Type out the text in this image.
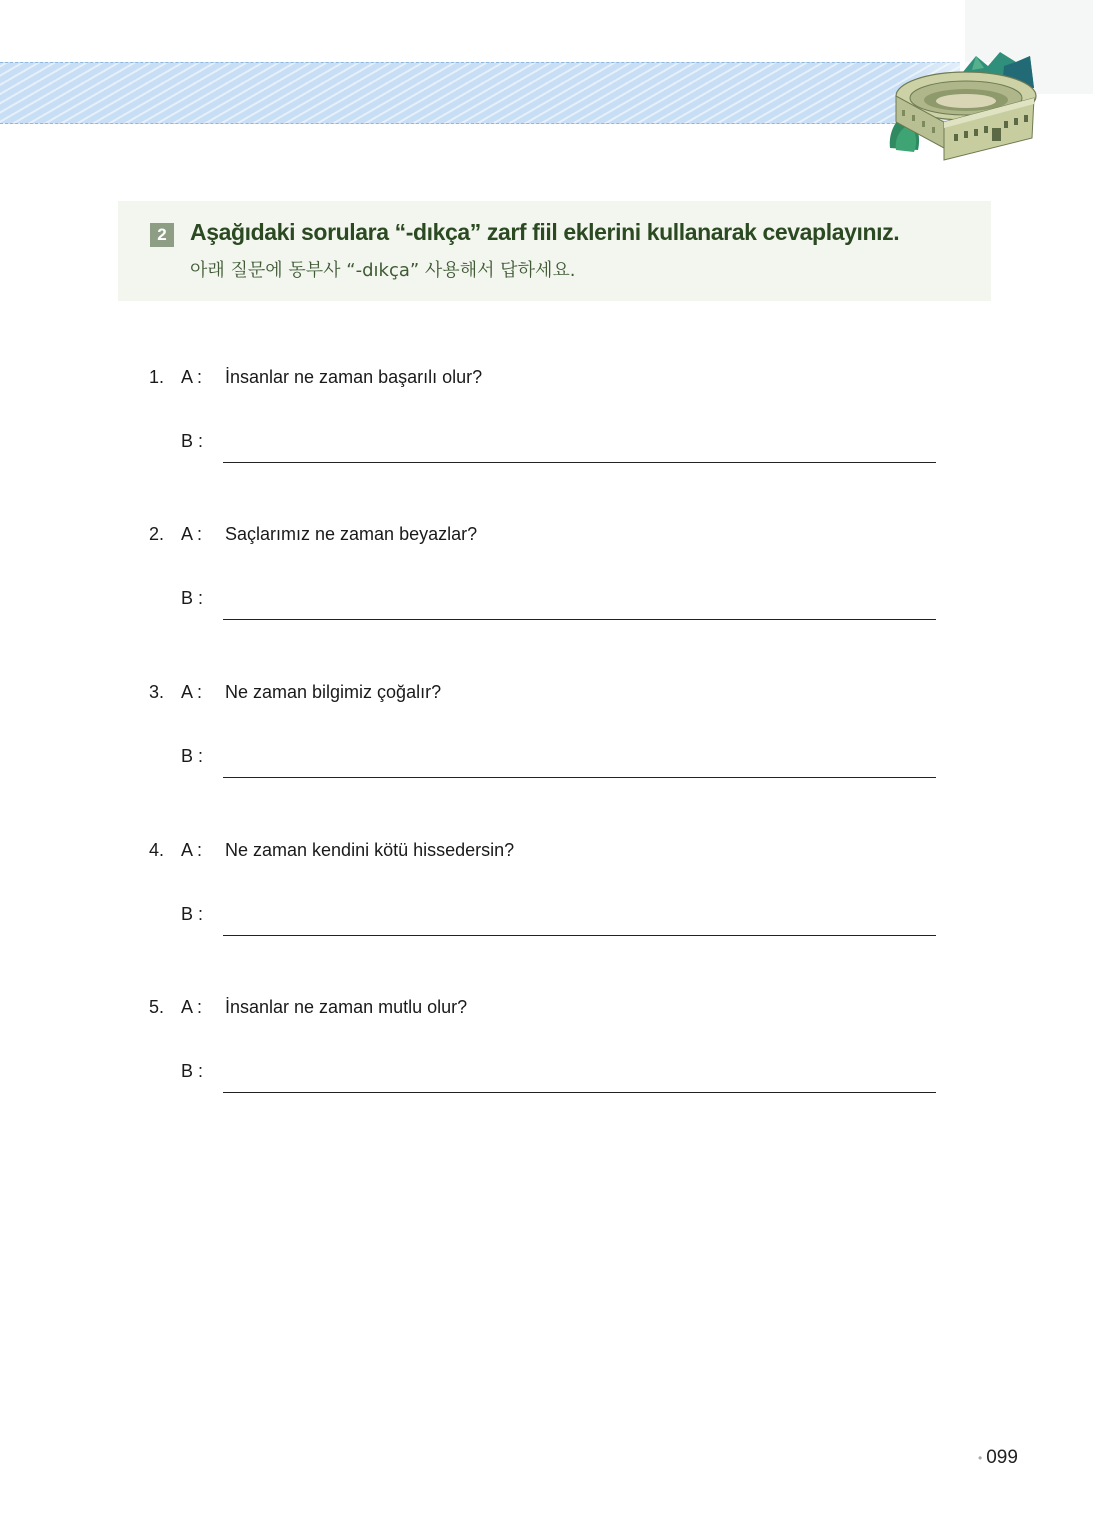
2	Aşağıdaki sorulara “-dıkça” zarf fiil eklerini kullanarak cevaplayınız.
아래 질문에 동부사 “-dıkça” 사용해서 답하세요.
1. A : İnsanlar ne zaman başarılı olur?
B :
2. A : Saçlarımız ne zaman beyazlar?
B :
3. A : Ne zaman bilgimiz çoğalır?
B :
4. A : Ne zaman kendini kötü hissedersin?
B :
5. A : İnsanlar ne zaman mutlu olur?
B :
• 099
